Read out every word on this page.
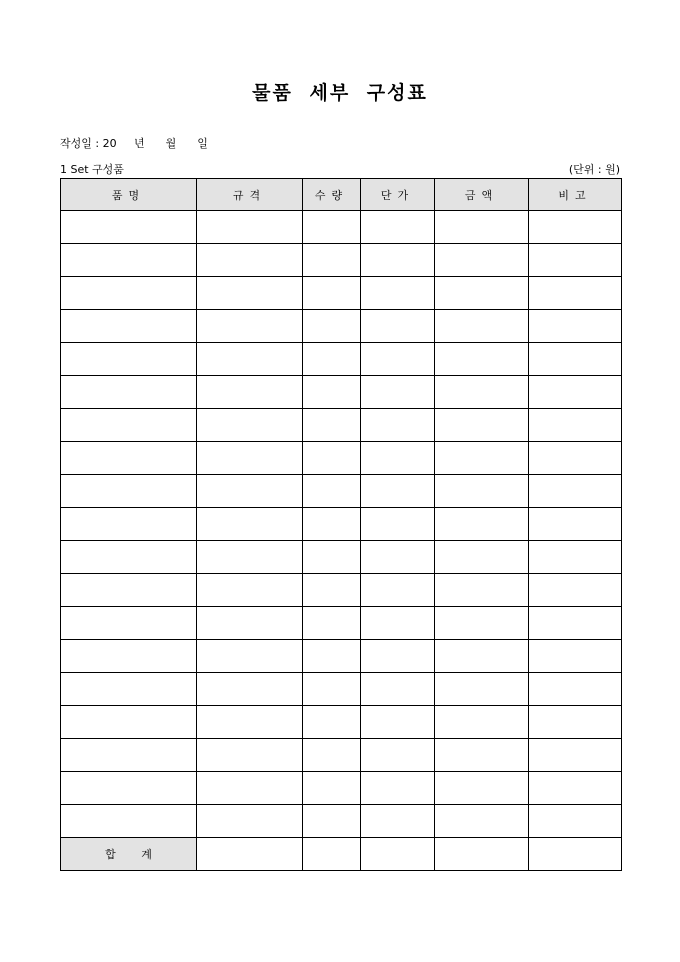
물품 세부 구성표
작성일 : 20     년      월      일
1 Set 구성품	(단위 : 원)
품명	규격	수량	단가	금액	비고

합 계					
